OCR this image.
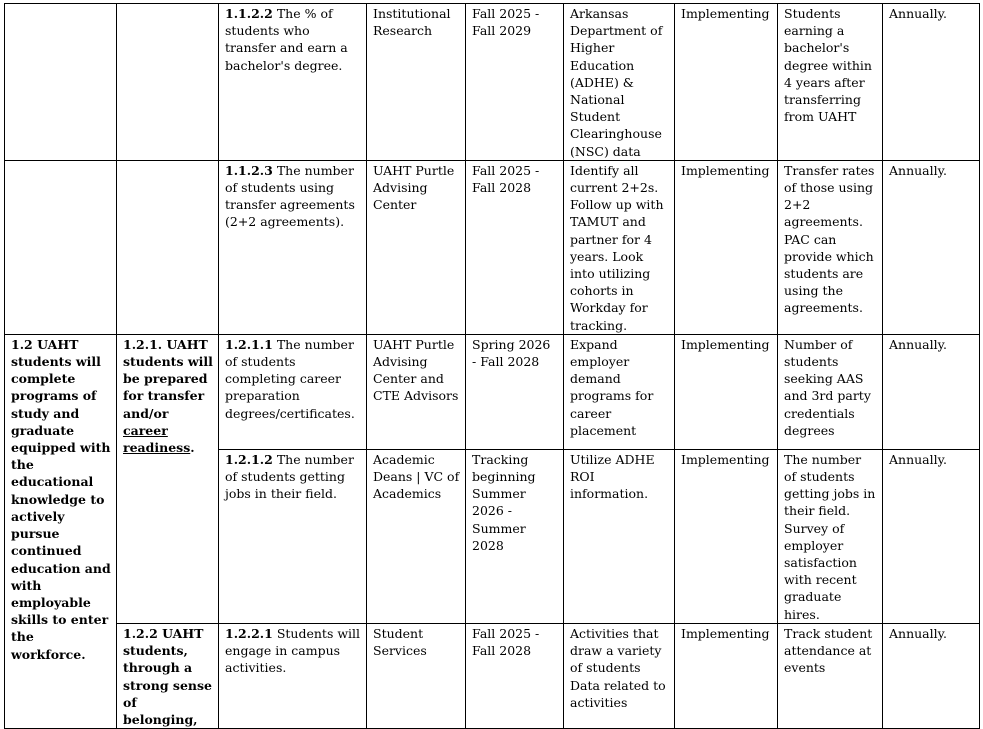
		1.1.2.2 The % of students who transfer and earn a bachelor's degree.	Institutional Research	Fall 2025 - Fall 2029	Arkansas Department of Higher Education (ADHE) & National Student Clearinghouse (NSC) data	Implementing	Students earning a bachelor's degree within 4 years after transferring from UAHT	Annually.
		1.1.2.3 The number of students using transfer agreements (2+2 agreements).	UAHT Purtle Advising Center	Fall 2025 - Fall 2028	Identify all current 2+2s. Follow up with TAMUT and partner for 4 years. Look into utilizing cohorts in Workday for tracking.	Implementing	Transfer rates of those using 2+2 agreements. PAC can provide which students are using the agreements.	Annually.
1.2 UAHT students will complete programs of study and graduate equipped with the educational knowledge to actively pursue continued education and with employable skills to enter the workforce.	1.2.1. UAHT students will be prepared for transfer and/or career readiness.	1.2.1.1 The number of students completing career preparation degrees/certificates.	UAHT Purtle Advising Center and CTE Advisors	Spring 2026 - Fall 2028	Expand employer demand programs for career placement	Implementing	Number of students seeking AAS and 3rd party credentials degrees	Annually.
		1.2.1.2 The number of students getting jobs in their field.	Academic Deans | VC of Academics	Tracking beginning Summer 2026 - Summer 2028	Utilize ADHE ROI information.	Implementing	The number of students getting jobs in their field. Survey of employer satisfaction with recent graduate hires.	Annually.
	1.2.2 UAHT students, through a strong sense of belonging,	1.2.2.1 Students will engage in campus activities.	Student Services	Fall 2025 - Fall 2028	Activities that draw a variety of students Data related to activities	Implementing	Track student attendance at events	Annually.
